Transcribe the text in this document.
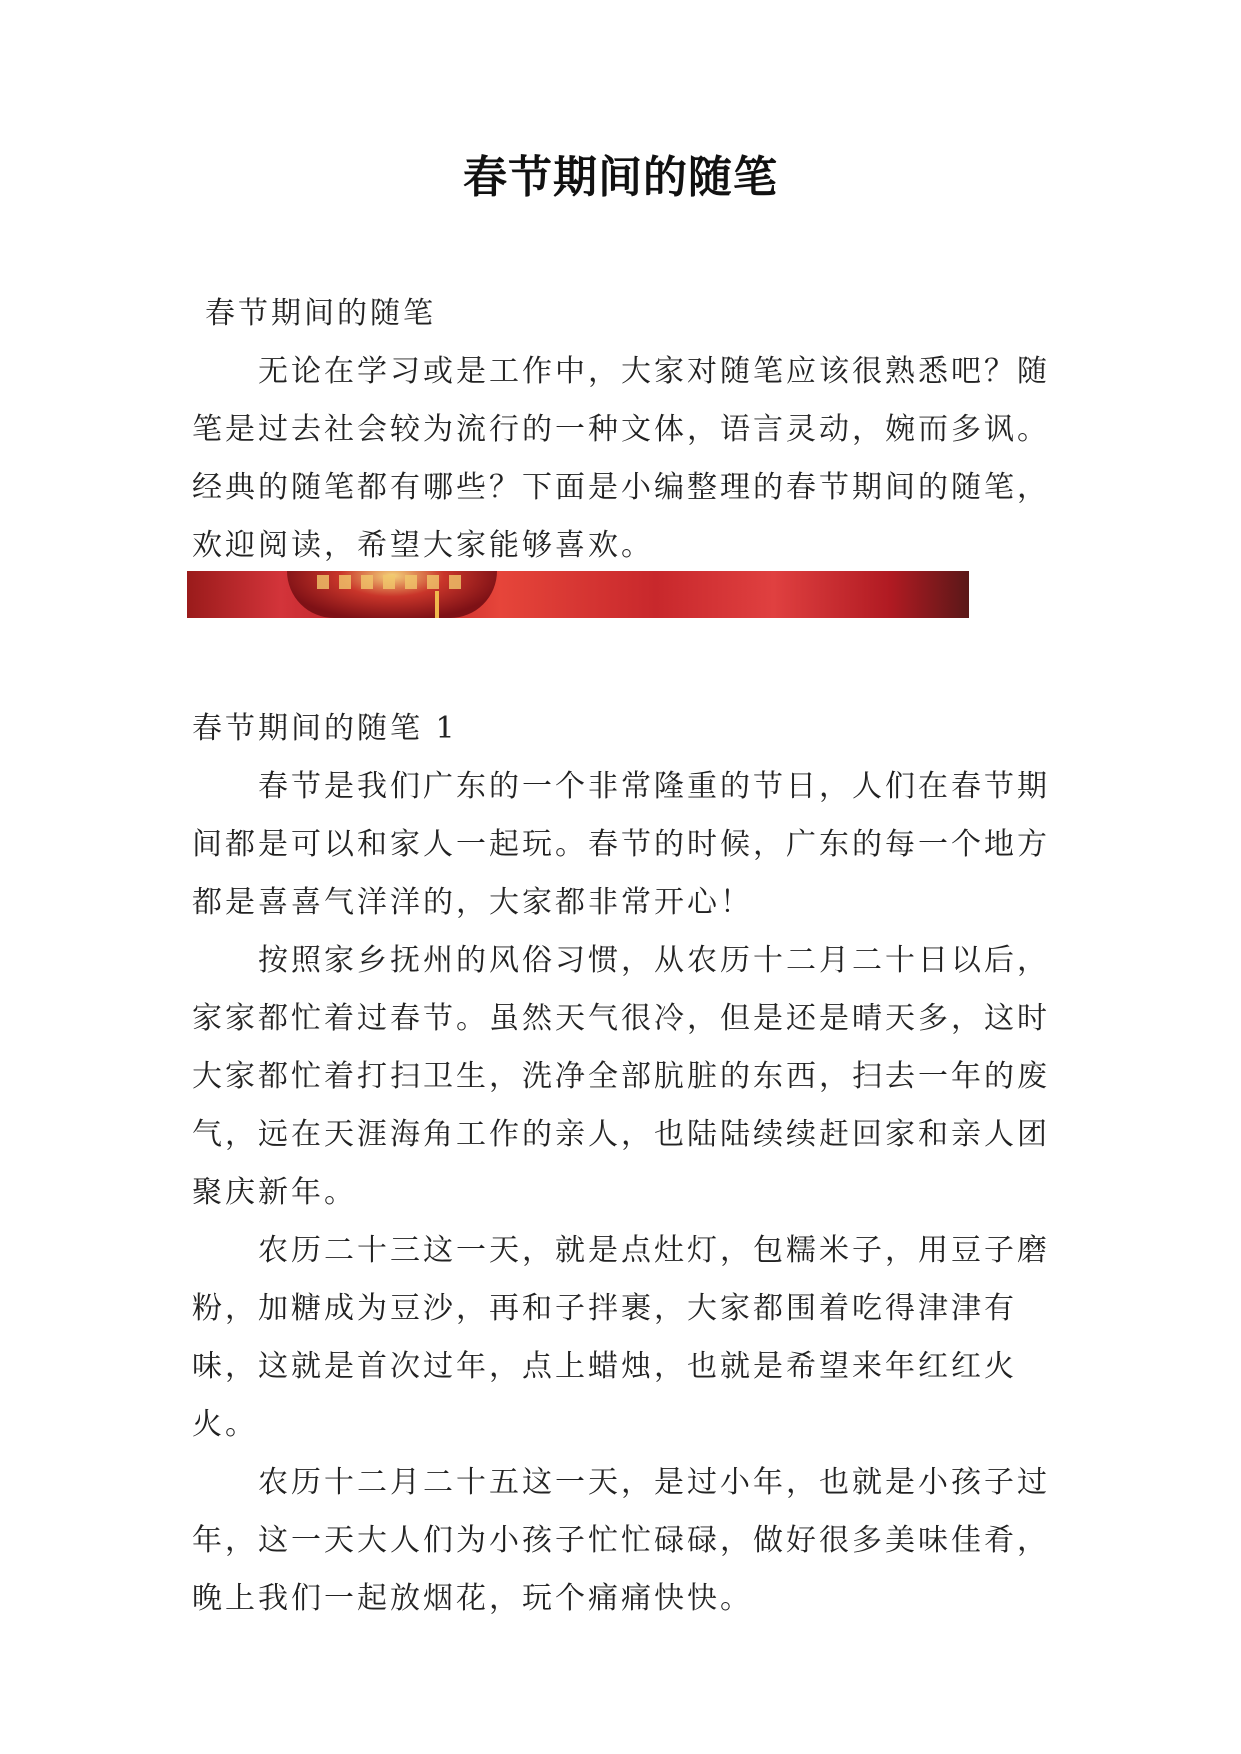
春节期间的随笔
春节期间的随笔

无论在学习或是工作中，大家对随笔应该很熟悉吧？随笔是过去社会较为流行的一种文体，语言灵动，婉而多讽。经典的随笔都有哪些？下面是小编整理的春节期间的随笔，欢迎阅读，希望大家能够喜欢。

春节期间的随笔 1

春节是我们广东的一个非常隆重的节日，人们在春节期间都是可以和家人一起玩。春节的时候，广东的每一个地方都是喜喜气洋洋的，大家都非常开心！

按照家乡抚州的风俗习惯，从农历十二月二十日以后，家家都忙着过春节。虽然天气很冷，但是还是晴天多，这时大家都忙着打扫卫生，洗净全部肮脏的东西，扫去一年的废气，远在天涯海角工作的亲人，也陆陆续续赶回家和亲人团聚庆新年。

农历二十三这一天，就是点灶灯，包糯米子，用豆子磨粉，加糖成为豆沙，再和子拌裹，大家都围着吃得津津有味，这就是首次过年，点上蜡烛，也就是希望来年红红火火。

农历十二月二十五这一天，是过小年，也就是小孩子过年，这一天大人们为小孩子忙忙碌碌，做好很多美味佳肴，晚上我们一起放烟花，玩个痛痛快快。
